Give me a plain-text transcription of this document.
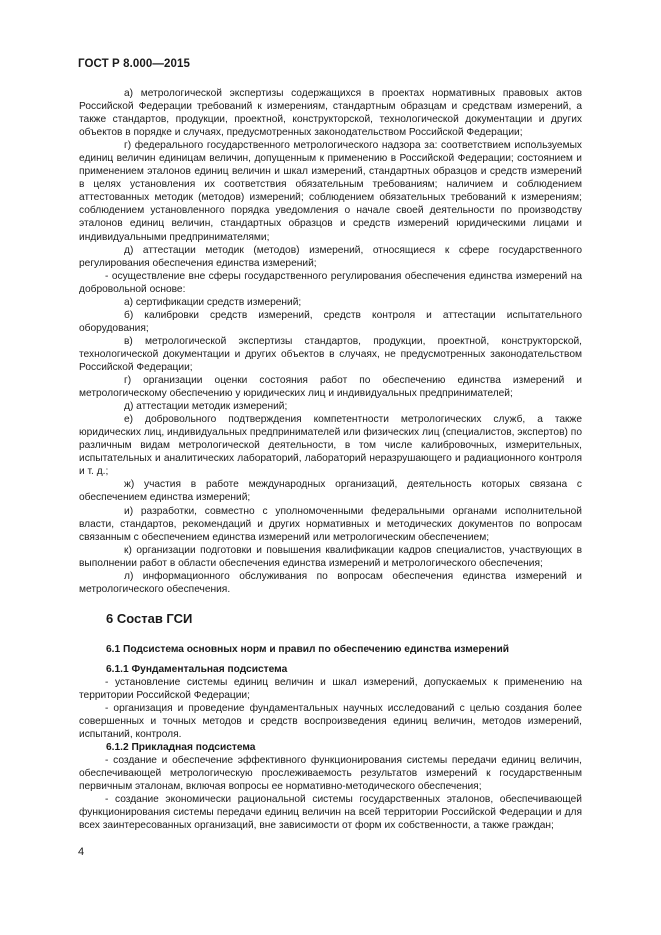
ГОСТ Р 8.000—2015

а) метрологической экспертизы содержащихся в проектах нормативных правовых актов Российской Федерации требований к измерениям, стандартным образцам и средствам измерений, а также стандартов, продукции, проектной, конструкторской, технологической документации и других объектов в порядке и случаях, предусмотренных законодательством Российской Федерации;

г) федерального государственного метрологического надзора за: соответствием используемых единиц величин единицам величин, допущенным к применению в Российской Федерации; состоянием и применением эталонов единиц величин и шкал измерений, стандартных образцов и средств измерений в целях установления их соответствия обязательным требованиям; наличием и соблюдением аттестованных методик (методов) измерений; соблюдением обязательных требований к измерениям; соблюдением установленного порядка уведомления о начале своей деятельности по производству эталонов единиц величин, стандартных образцов и средств измерений юридическими лицами и индивидуальными предпринимателями;

д) аттестации методик (методов) измерений, относящиеся к сфере государственного регулирования обеспечения единства измерений;

- осуществление вне сферы государственного регулирования обеспечения единства измерений на добровольной основе:

а) сертификации средств измерений;

б) калибровки средств измерений, средств контроля и аттестации испытательного оборудования;

в) метрологической экспертизы стандартов, продукции, проектной, конструкторской, технологической документации и других объектов в случаях, не предусмотренных законодательством Российской Федерации;

г) организации оценки состояния работ по обеспечению единства измерений и метрологическому обеспечению у юридических лиц и индивидуальных предпринимателей;

д) аттестации методик измерений;

е) добровольного подтверждения компетентности метрологических служб, а также юридических лиц, индивидуальных предпринимателей или физических лиц (специалистов, экспертов) по различным видам метрологической деятельности, в том числе калибровочных, измерительных, испытательных и аналитических лабораторий, лабораторий неразрушающего и радиационного контроля и т. д.;

ж) участия в работе международных организаций, деятельность которых связана с обеспечением единства измерений;

и) разработки, совместно с уполномоченными федеральными органами исполнительной власти, стандартов, рекомендаций и других нормативных и методических документов по вопросам связанным с обеспечением единства измерений или метрологическим обеспечением;

к) организации подготовки и повышения квалификации кадров специалистов, участвующих в выполнении работ в области обеспечения единства измерений и метрологического обеспечения;

л) информационного обслуживания по вопросам обеспечения единства измерений и метрологического обеспечения.

6 Состав ГСИ
6.1 Подсистема основных норм и правил по обеспечению единства измерений
6.1.1 Фундаментальная подсистема

- установление системы единиц величин и шкал измерений, допускаемых к применению на территории Российской Федерации;

- организация и проведение фундаментальных научных исследований с целью создания более совершенных и точных методов и средств воспроизведения единиц величин, методов измерений, испытаний, контроля.

6.1.2 Прикладная подсистема

- создание и обеспечение эффективного функционирования системы передачи единиц величин, обеспечивающей метрологическую прослеживаемость результатов измерений к государственным первичным эталонам, включая вопросы ее нормативно-методического обеспечения;

- создание экономически рациональной системы государственных эталонов, обеспечивающей функционирования системы передачи единиц величин на всей территории Российской Федерации и для всех заинтересованных организаций, вне зависимости от форм их собственности, а также граждан;

4
